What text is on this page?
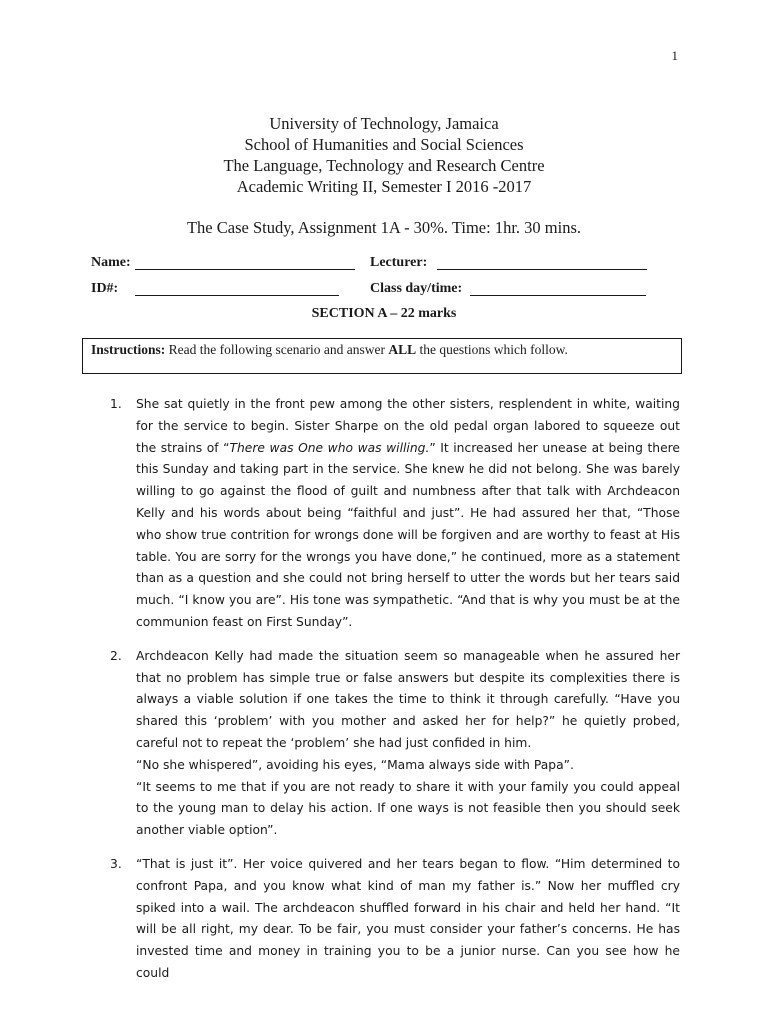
1
University of Technology, Jamaica
School of Humanities and Social Sciences
The Language, Technology and Research Centre
Academic Writing II, Semester I 2016 -2017
The Case Study, Assignment 1A - 30%. Time: 1hr. 30 mins.
Name:	Lecturer:
ID#:	Class day/time:
SECTION A – 22 marks
Instructions: Read the following scenario and answer ALL the questions which follow.
1. She sat quietly in the front pew among the other sisters, resplendent in white, waiting for the service to begin. Sister Sharpe on the old pedal organ labored to squeeze out the strains of “There was One who was willing.” It increased her unease at being there this Sunday and taking part in the service. She knew he did not belong. She was barely willing to go against the flood of guilt and numbness after that talk with Archdeacon Kelly and his words about being “faithful and just”. He had assured her that, “Those who show true contrition for wrongs done will be forgiven and are worthy to feast at His table. You are sorry for the wrongs you have done,” he continued, more as a statement than as a question and she could not bring herself to utter the words but her tears said much. “I know you are”. His tone was sympathetic. “And that is why you must be at the communion feast on First Sunday”.

2. Archdeacon Kelly had made the situation seem so manageable when he assured her that no problem has simple true or false answers but despite its complexities there is always a viable solution if one takes the time to think it through carefully. “Have you shared this ‘problem’ with you mother and asked her for help?” he quietly probed, careful not to repeat the ‘problem’ she had just confided in him.

“No she whispered”, avoiding his eyes, “Mama always side with Papa”.

“It seems to me that if you are not ready to share it with your family you could appeal to the young man to delay his action. If one ways is not feasible then you should seek another viable option”.

3. “That is just it”. Her voice quivered and her tears began to flow. “Him determined to confront Papa, and you know what kind of man my father is.” Now her muffled cry spiked into a wail. The archdeacon shuffled forward in his chair and held her hand. “It will be all right, my dear. To be fair, you must consider your father’s concerns. He has invested time and money in training you to be a junior nurse. Can you see how he could
